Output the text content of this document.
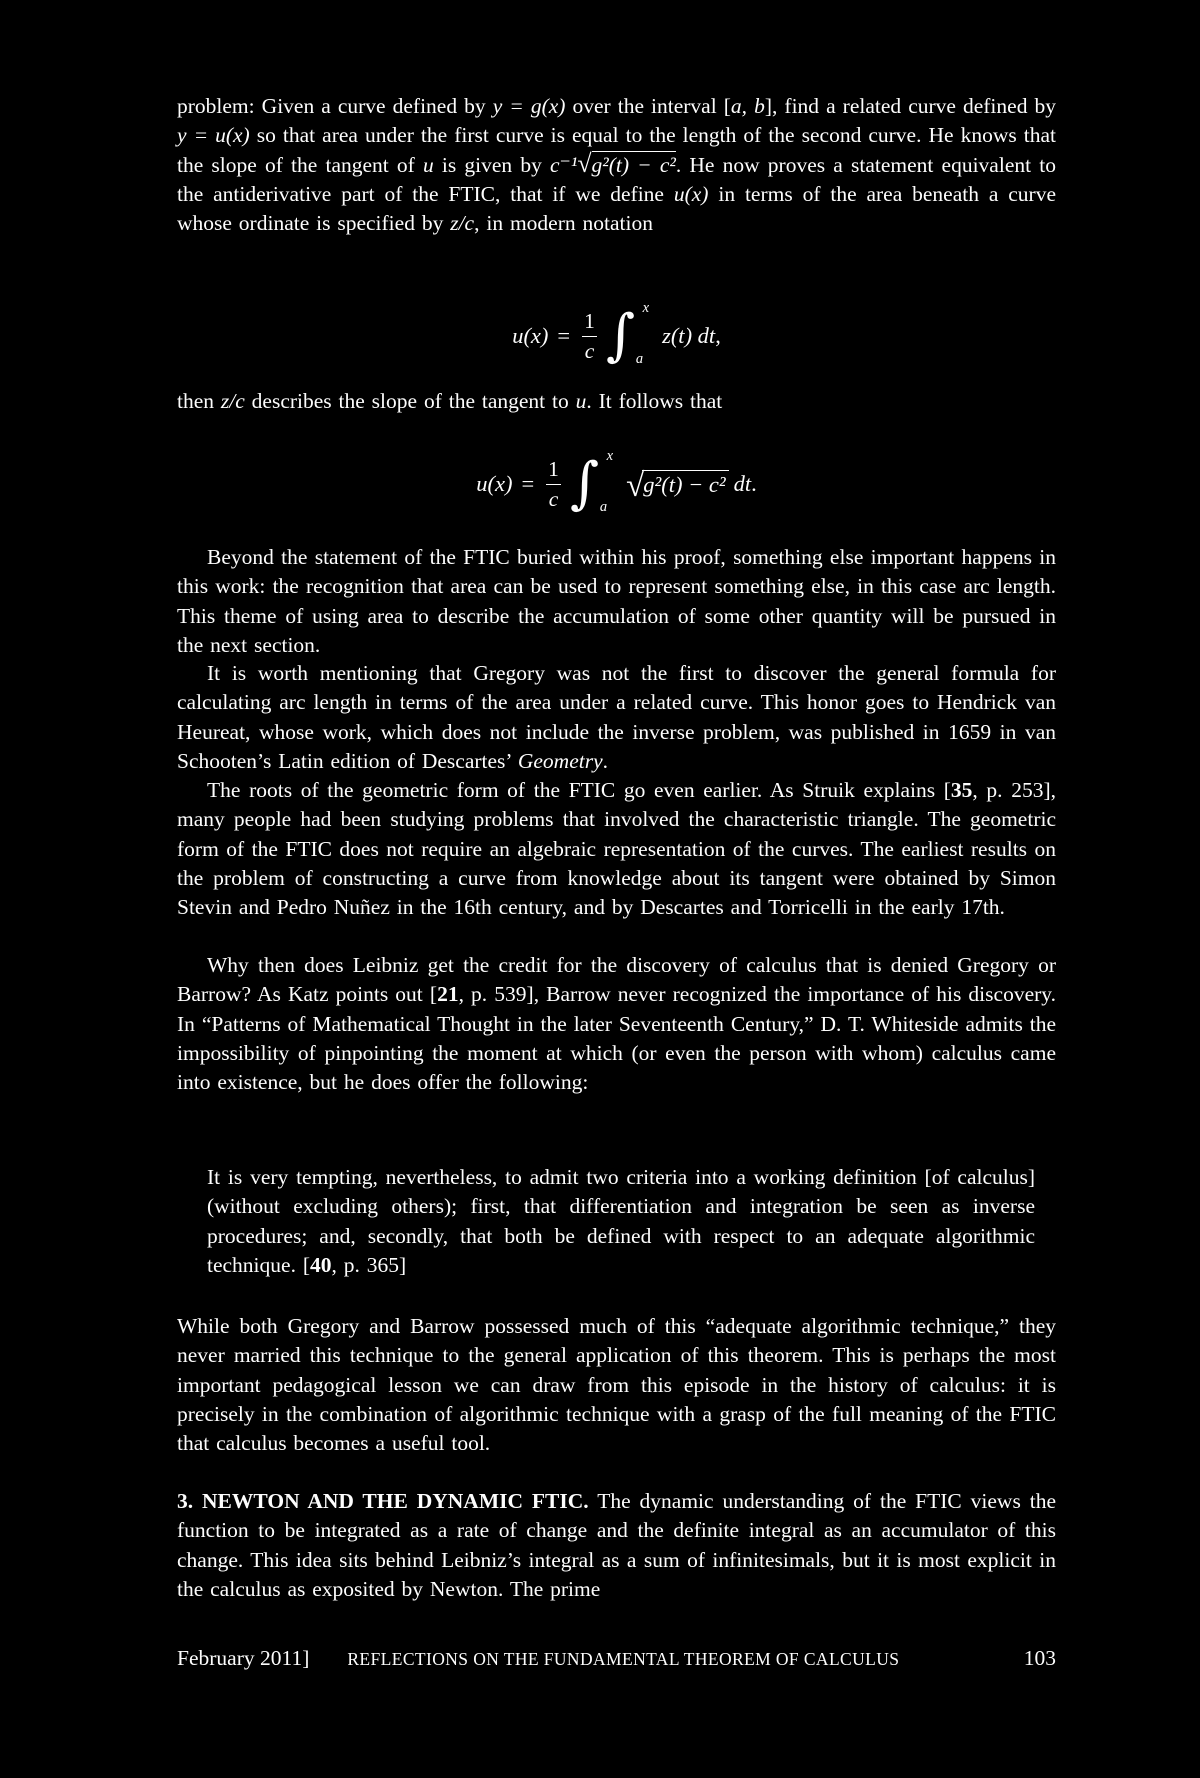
problem: Given a curve defined by y = g(x) over the interval [a, b], find a related curve defined by y = u(x) so that area under the first curve is equal to the length of the second curve. He knows that the slope of the tangent of u is given by c⁻¹√g²(t) − c². He now proves a statement equivalent to the antiderivative part of the FTIC, that if we define u(x) in terms of the area beneath a curve whose ordinate is specified by z/c, in modern notation

$u(x) = \frac{1}{c}$ ∫ x
a
z(t) dt ,

then z/c describes the slope of the tangent to u. It follows that

$u(x) = \frac{1}{c}$ ∫ x
a
√ g²(t) − c² dt .

Beyond the statement of the FTIC buried within his proof, something else important happens in this work: the recognition that area can be used to represent something else, in this case arc length. This theme of using area to describe the accumulation of some other quantity will be pursued in the next section.

It is worth mentioning that Gregory was not the first to discover the general formula for calculating arc length in terms of the area under a related curve. This honor goes to Hendrick van Heureat, whose work, which does not include the inverse problem, was published in 1659 in van Schooten’s Latin edition of Descartes’ Geometry.

The roots of the geometric form of the FTIC go even earlier. As Struik explains [35, p. 253], many people had been studying problems that involved the characteristic triangle. The geometric form of the FTIC does not require an algebraic representation of the curves. The earliest results on the problem of constructing a curve from knowledge about its tangent were obtained by Simon Stevin and Pedro Nuñez in the 16th century, and by Descartes and Torricelli in the early 17th.

Why then does Leibniz get the credit for the discovery of calculus that is denied Gregory or Barrow? As Katz points out [21, p. 539], Barrow never recognized the importance of his discovery. In “Patterns of Mathematical Thought in the later Seventeenth Century,” D. T. Whiteside admits the impossibility of pinpointing the moment at which (or even the person with whom) calculus came into existence, but he does offer the following:

It is very tempting, nevertheless, to admit two criteria into a working definition [of calculus] (without excluding others); first, that differentiation and integration be seen as inverse procedures; and, secondly, that both be defined with respect to an adequate algorithmic technique. [40, p. 365]

While both Gregory and Barrow possessed much of this “adequate algorithmic technique,” they never married this technique to the general application of this theorem. This is perhaps the most important pedagogical lesson we can draw from this episode in the history of calculus: it is precisely in the combination of algorithmic technique with a grasp of the full meaning of the FTIC that calculus becomes a useful tool.

3. NEWTON AND THE DYNAMIC FTIC. The dynamic understanding of the FTIC views the function to be integrated as a rate of change and the definite integral as an accumulator of this change. This idea sits behind Leibniz’s integral as a sum of infinitesimals, but it is most explicit in the calculus as exposited by Newton. The prime

February 2011] REFLECTIONS ON THE FUNDAMENTAL THEOREM OF CALCULUS	103
